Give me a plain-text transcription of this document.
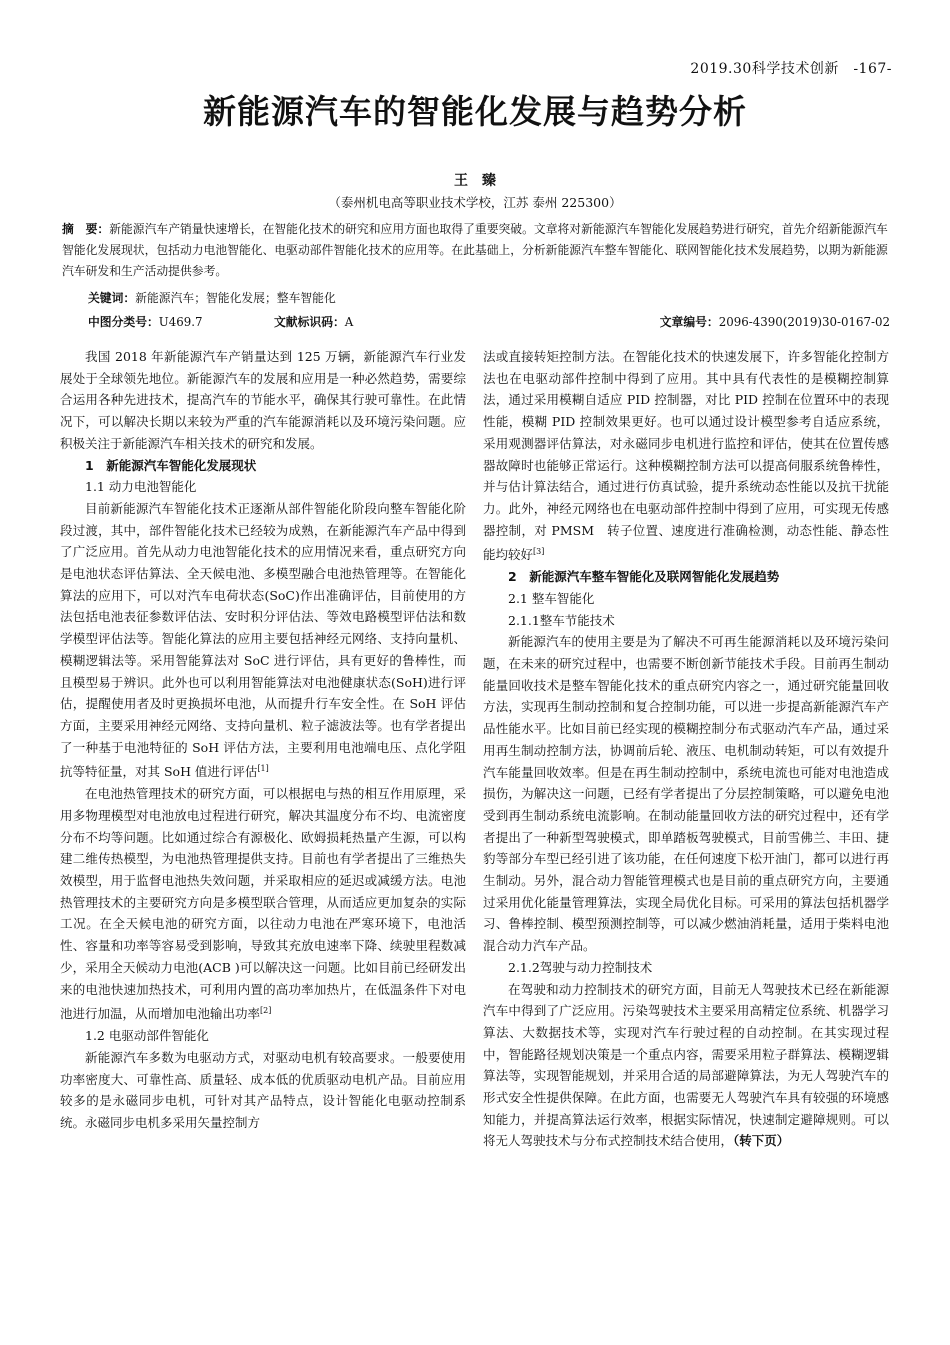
2019.30科学技术创新　-167-
新能源汽车的智能化发展与趋势分析
王　臻
（泰州机电高等职业技术学校，江苏 泰州 225300）
摘　要：新能源汽车产销量快速增长，在智能化技术的研究和应用方面也取得了重要突破。文章将对新能源汽车智能化发展趋势进行研究，首先介绍新能源汽车智能化发展现状，包括动力电池智能化、电驱动部件智能化技术的应用等。在此基础上，分析新能源汽车整车智能化、联网智能化技术发展趋势，以期为新能源汽车研发和生产活动提供参考。
关键词：新能源汽车；智能化发展；整车智能化
中图分类号：U469.7	文献标识码：A	文章编号：2096-4390(2019)30-0167-02

我国 2018 年新能源汽车产销量达到 125 万辆，新能源汽车行业发展处于全球领先地位。新能源汽车的发展和应用是一种必然趋势，需要综合运用各种先进技术，提高汽车的节能水平，确保其行驶可靠性。在此情况下，可以解决长期以来较为严重的汽车能源消耗以及环境污染问题。应积极关注于新能源汽车相关技术的研究和发展。

1　新能源汽车智能化发展现状
1.1 动力电池智能化

目前新能源汽车智能化技术正逐渐从部件智能化阶段向整车智能化阶段过渡，其中，部件智能化技术已经较为成熟，在新能源汽车产品中得到了广泛应用。首先从动力电池智能化技术的应用情况来看，重点研究方向是电池状态评估算法、全天候电池、多模型融合电池热管理等。在智能化算法的应用下，可以对汽车电荷状态(SoC)作出准确评估，目前使用的方法包括电池表征参数评估法、安时积分评估法、等效电路模型评估法和数学模型评估法等。智能化算法的应用主要包括神经元网络、支持向量机、模糊逻辑法等。采用智能算法对 SoC 进行评估，具有更好的鲁棒性，而且模型易于辨识。此外也可以利用智能算法对电池健康状态(SoH)进行评估，提醒使用者及时更换损坏电池，从而提升行车安全性。在 SoH 评估方面，主要采用神经元网络、支持向量机、粒子滤波法等。也有学者提出了一种基于电池特征的 SoH 评估方法，主要利用电池端电压、点化学阻抗等特征量，对其 SoH 值进行评估[1]

在电池热管理技术的研究方面，可以根据电与热的相互作用原理，采用多物理模型对电池放电过程进行研究，解决其温度分布不均、电流密度分布不均等问题。比如通过综合有源极化、欧姆损耗热量产生源，可以构建二维传热模型，为电池热管理提供支持。目前也有学者提出了三维热失效模型，用于监督电池热失效问题，并采取相应的延迟或减缓方法。电池热管理技术的主要研究方向是多模型联合管理，从而适应更加复杂的实际工况。在全天候电池的研究方面，以往动力电池在严寒环境下，电池活性、容量和功率等容易受到影响，导致其充放电速率下降、续驶里程数减少，采用全天候动力电池(ACB )可以解决这一问题。比如目前已经研发出来的电池快速加热技术，可利用内置的高功率加热片，在低温条件下对电池进行加温，从而增加电池输出功率[2]

1.2 电驱动部件智能化

新能源汽车多数为电驱动方式，对驱动电机有较高要求。一般要使用功率密度大、可靠性高、质量轻、成本低的优质驱动电机产品。目前应用较多的是永磁同步电机，可针对其产品特点，设计智能化电驱动控制系统。永磁同步电机多采用矢量控制方

法或直接转矩控制方法。在智能化技术的快速发展下，许多智能化控制方法也在电驱动部件控制中得到了应用。其中具有代表性的是模糊控制算法，通过采用模糊自适应 PID 控制器，对比 PID 控制在位置环中的表现性能，模糊 PID 控制效果更好。也可以通过设计模型参考自适应系统，采用观测器评估算法，对永磁同步电机进行监控和评估，使其在位置传感器故障时也能够正常运行。这种模糊控制方法可以提高伺服系统鲁棒性，并与估计算法结合，通过进行仿真试验，提升系统动态性能以及抗干扰能力。此外，神经元网络也在电驱动部件控制中得到了应用，可实现无传感器控制，对 PMSM　转子位置、速度进行准确检测，动态性能、静态性能均较好[3]

2　新能源汽车整车智能化及联网智能化发展趋势
2.1 整车智能化
2.1.1整车节能技术

新能源汽车的使用主要是为了解决不可再生能源消耗以及环境污染问题，在未来的研究过程中，也需要不断创新节能技术手段。目前再生制动能量回收技术是整车智能化技术的重点研究内容之一，通过研究能量回收方法，实现再生制动控制和复合控制功能，可以进一步提高新能源汽车产品性能水平。比如目前已经实现的模糊控制分布式驱动汽车产品，通过采用再生制动控制方法，协调前后轮、液压、电机制动转矩，可以有效提升汽车能量回收效率。但是在再生制动控制中，系统电流也可能对电池造成损伤，为解决这一问题，已经有学者提出了分层控制策略，可以避免电池受到再生制动系统电流影响。在制动能量回收方法的研究过程中，还有学者提出了一种新型驾驶模式，即单踏板驾驶模式，目前雪佛兰、丰田、捷豹等部分车型已经引进了该功能，在任何速度下松开油门，都可以进行再生制动。另外，混合动力智能管理模式也是目前的重点研究方向，主要通过采用优化能量管理算法，实现全局优化目标。可采用的算法包括机器学习、鲁棒控制、模型预测控制等，可以减少燃油消耗量，适用于柴料电池混合动力汽车产品。

2.1.2驾驶与动力控制技术

在驾驶和动力控制技术的研究方面，目前无人驾驶技术已经在新能源汽车中得到了广泛应用。污染驾驶技术主要采用高精定位系统、机器学习算法、大数据技术等，实现对汽车行驶过程的自动控制。在其实现过程中，智能路径规划决策是一个重点内容，需要采用粒子群算法、模糊逻辑算法等，实现智能规划，并采用合适的局部避障算法，为无人驾驶汽车的形式安全性提供保障。在此方面，也需要无人驾驶汽车具有较强的环境感知能力，并提高算法运行效率，根据实际情况，快速制定避障规则。可以将无人驾驶技术与分布式控制技术结合使用，（转下页）
